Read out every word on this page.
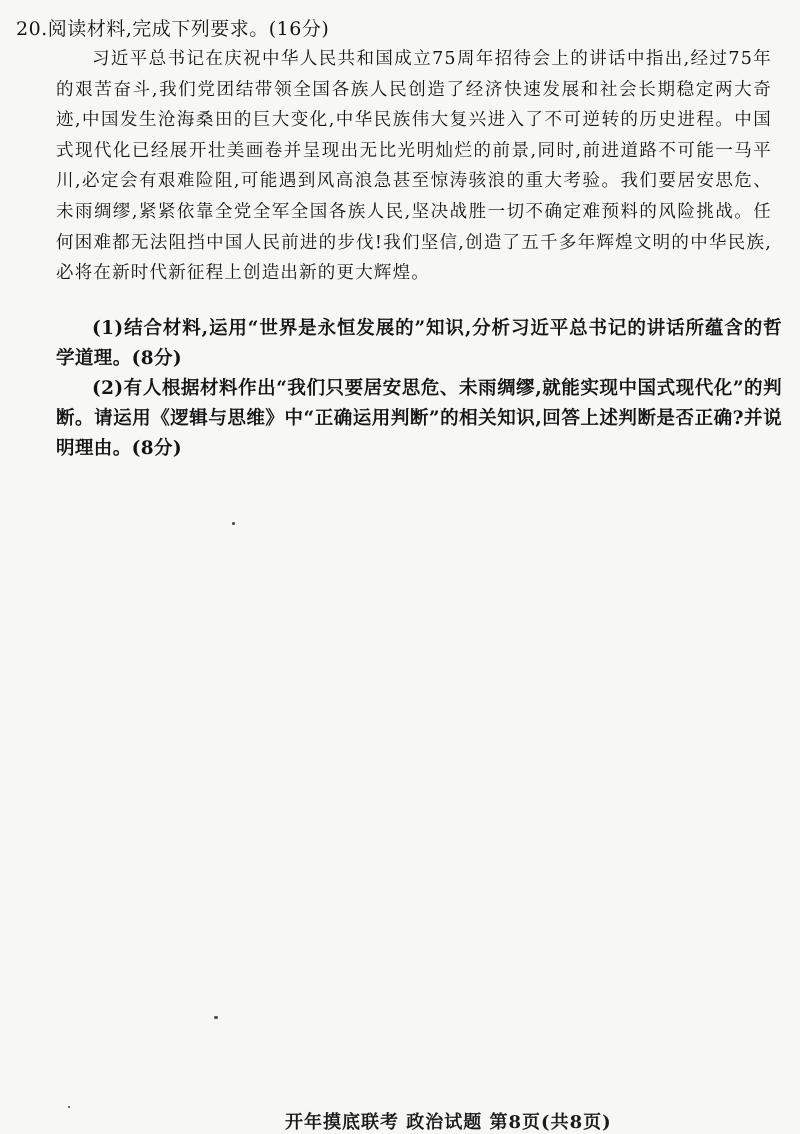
20.阅读材料,完成下列要求。(16分)
习近平总书记在庆祝中华人民共和国成立75周年招待会上的讲话中指出,经过75年的艰苦奋斗,我们党团结带领全国各族人民创造了经济快速发展和社会长期稳定两大奇迹,中国发生沧海桑田的巨大变化,中华民族伟大复兴进入了不可逆转的历史进程。中国式现代化已经展开壮美画卷并呈现出无比光明灿烂的前景,同时,前进道路不可能一马平川,必定会有艰难险阻,可能遇到风高浪急甚至惊涛骇浪的重大考验。我们要居安思危、未雨绸缪,紧紧依靠全党全军全国各族人民,坚决战胜一切不确定难预料的风险挑战。任何困难都无法阻挡中国人民前进的步伐!我们坚信,创造了五千多年辉煌文明的中华民族,必将在新时代新征程上创造出新的更大辉煌。
(1)结合材料,运用“世界是永恒发展的”知识,分析习近平总书记的讲话所蕴含的哲学道理。(8分)
(2)有人根据材料作出“我们只要居安思危、未雨绸缪,就能实现中国式现代化”的判断。请运用《逻辑与思维》中“正确运用判断”的相关知识,回答上述判断是否正确?并说明理由。(8分)
开年摸底联考 政治试题 第8页(共8页)
